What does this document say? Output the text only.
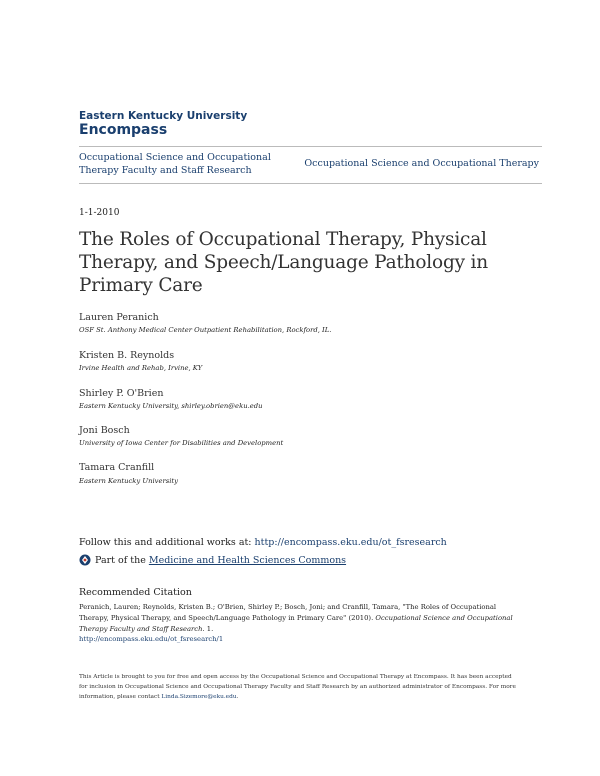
Eastern Kentucky University
Encompass
Occupational Science and Occupational Therapy Faculty and Staff Research
Occupational Science and Occupational Therapy
1-1-2010
The Roles of Occupational Therapy, Physical Therapy, and Speech/Language Pathology in Primary Care
Lauren Peranich
OSF St. Anthony Medical Center Outpatient Rehabilitation, Rockford, IL.
Kristen B. Reynolds
Irvine Health and Rehab, Irvine, KY
Shirley P. O'Brien
Eastern Kentucky University, shirley.obrien@eku.edu
Joni Bosch
University of Iowa Center for Disabilities and Development
Tamara Cranfill
Eastern Kentucky University
Follow this and additional works at: http://encompass.eku.edu/ot_fsresearch
Part of the
Medicine and Health Sciences Commons
Recommended Citation
Peranich, Lauren; Reynolds, Kristen B.; O'Brien, Shirley P.; Bosch, Joni; and Cranfill, Tamara, "The Roles of Occupational Therapy, Physical Therapy, and Speech/Language Pathology in Primary Care" (2010). Occupational Science and Occupational Therapy Faculty and Staff Research. 1.
http://encompass.eku.edu/ot_fsresearch/1
This Article is brought to you for free and open access by the Occupational Science and Occupational Therapy at Encompass. It has been accepted for inclusion in Occupational Science and Occupational Therapy Faculty and Staff Research by an authorized administrator of Encompass. For more information, please contact Linda.Sizemore@eku.edu.
